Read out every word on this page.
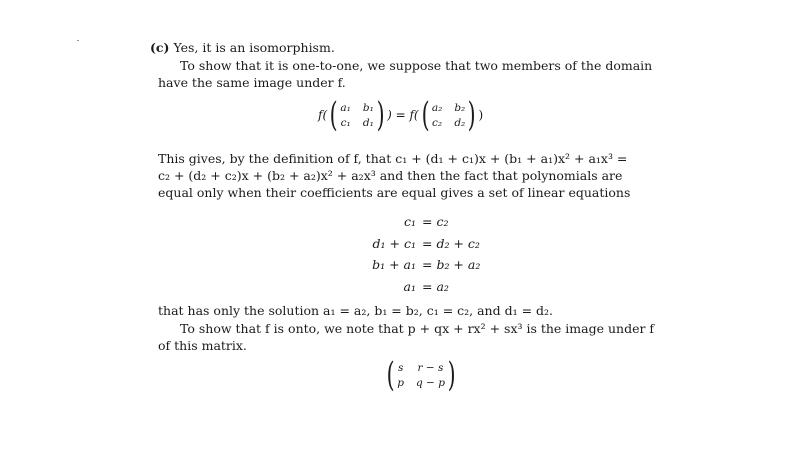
(c) Yes, it is an isomorphism.
To show that it is one-to-one, we suppose that two members of the domain
have the same image under f.
f( ( a₁ b₁
c₁ d₁ ) ) = f( ( a₂ b₂
c₂ d₂ ) )
This gives, by the definition of f, that c₁ + (d₁ + c₁)x + (b₁ + a₁)x² + a₁x³ =
c₂ + (d₂ + c₂)x + (b₂ + a₂)x² + a₂x³ and then the fact that polynomials are
equal only when their coefficients are equal gives a set of linear equations
c₁ = c₂
d₁ + c₁ = d₂ + c₂
b₁ + a₁ = b₂ + a₂
a₁ = a₂
that has only the solution a₁ = a₂, b₁ = b₂, c₁ = c₂, and d₁ = d₂.
To show that f is onto, we note that p + qx + rx² + sx³ is the image under f
of this matrix.
( s r − s
p q − p )
